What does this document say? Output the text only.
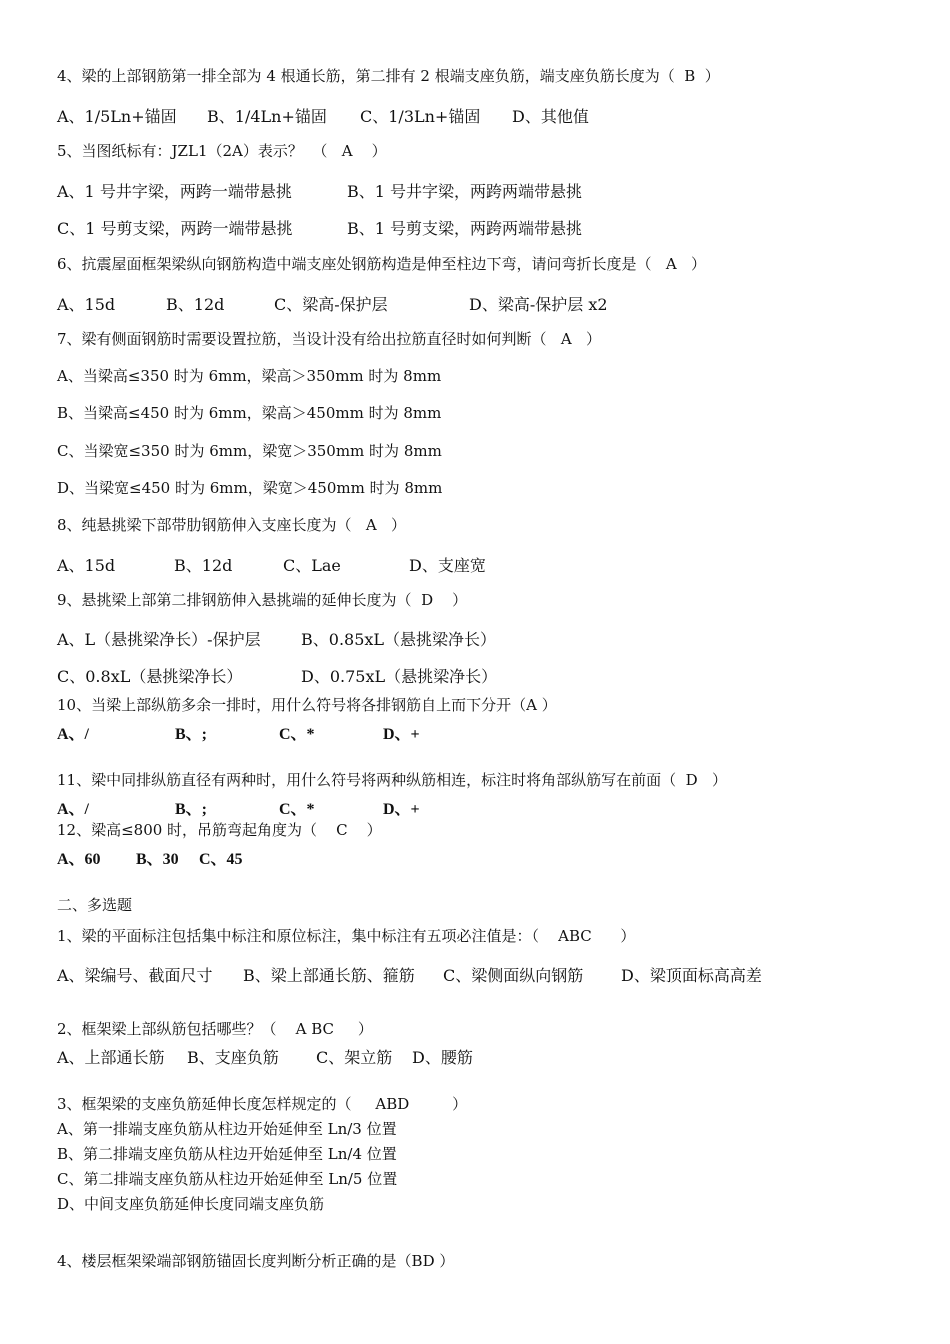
4、梁的上部钢筋第一排全部为 4 根通长筋，第二排有 2 根端支座负筋，端支座负筋长度为（  B  ）
A、1/5Ln+锚固 B、1/4Ln+锚固 C、1/3Ln+锚固 D、其他值
5、当图纸标有：JZL1（2A）表示？  （   A    ）
A、1 号井字梁，两跨一端带悬挑	B、1 号井字梁，两跨两端带悬挑
C、1 号剪支梁，两跨一端带悬挑	B、1 号剪支梁，两跨两端带悬挑
6、抗震屋面框架梁纵向钢筋构造中端支座处钢筋构造是伸至柱边下弯，请问弯折长度是（   A   ）
A、15d	B、12d	C、梁高-保护层	D、梁高-保护层 x2
7、梁有侧面钢筋时需要设置拉筋，当设计没有给出拉筋直径时如何判断（   A   ）
A、当梁高≤350 时为 6mm，梁高＞350mm 时为 8mm
B、当梁高≤450 时为 6mm，梁高＞450mm 时为 8mm
C、当梁宽≤350 时为 6mm，梁宽＞350mm 时为 8mm
D、当梁宽≤450 时为 6mm，梁宽＞450mm 时为 8mm
8、纯悬挑梁下部带肋钢筋伸入支座长度为（   A   ）
A、15d	B、12d	C、Lae	D、支座宽
9、悬挑梁上部第二排钢筋伸入悬挑端的延伸长度为（  D    ）
A、L（悬挑梁净长）-保护层	B、0.85xL（悬挑梁净长）
C、0.8xL（悬挑梁净长）	D、0.75xL（悬挑梁净长）
10、当梁上部纵筋多余一排时，用什么符号将各排钢筋自上而下分开（A ）
A、/	B、;	C、*	D、+
11、梁中同排纵筋直径有两种时，用什么符号将两种纵筋相连，标注时将角部纵筋写在前面（  D   ）
A、/	B、;	C、*	D、+
12、梁高≤800 时，吊筋弯起角度为（    C    ）
A、60 B、30 C、45
二、多选题
1、梁的平面标注包括集中标注和原位标注，集中标注有五项必注值是：（    ABC      ）
A、梁编号、截面尺寸 B、梁上部通长筋、箍筋 C、梁侧面纵向钢筋 D、梁顶面标高高差
2、框架梁上部纵筋包括哪些？（    A BC     ）
A、上部通长筋 B、支座负筋 C、架立筋 D、腰筋
3、框架梁的支座负筋延伸长度怎样规定的（     ABD         ）
A、第一排端支座负筋从柱边开始延伸至 Ln/3 位置
B、第二排端支座负筋从柱边开始延伸至 Ln/4 位置
C、第二排端支座负筋从柱边开始延伸至 Ln/5 位置
D、中间支座负筋延伸长度同端支座负筋
4、楼层框架梁端部钢筋锚固长度判断分析正确的是（BD ）
